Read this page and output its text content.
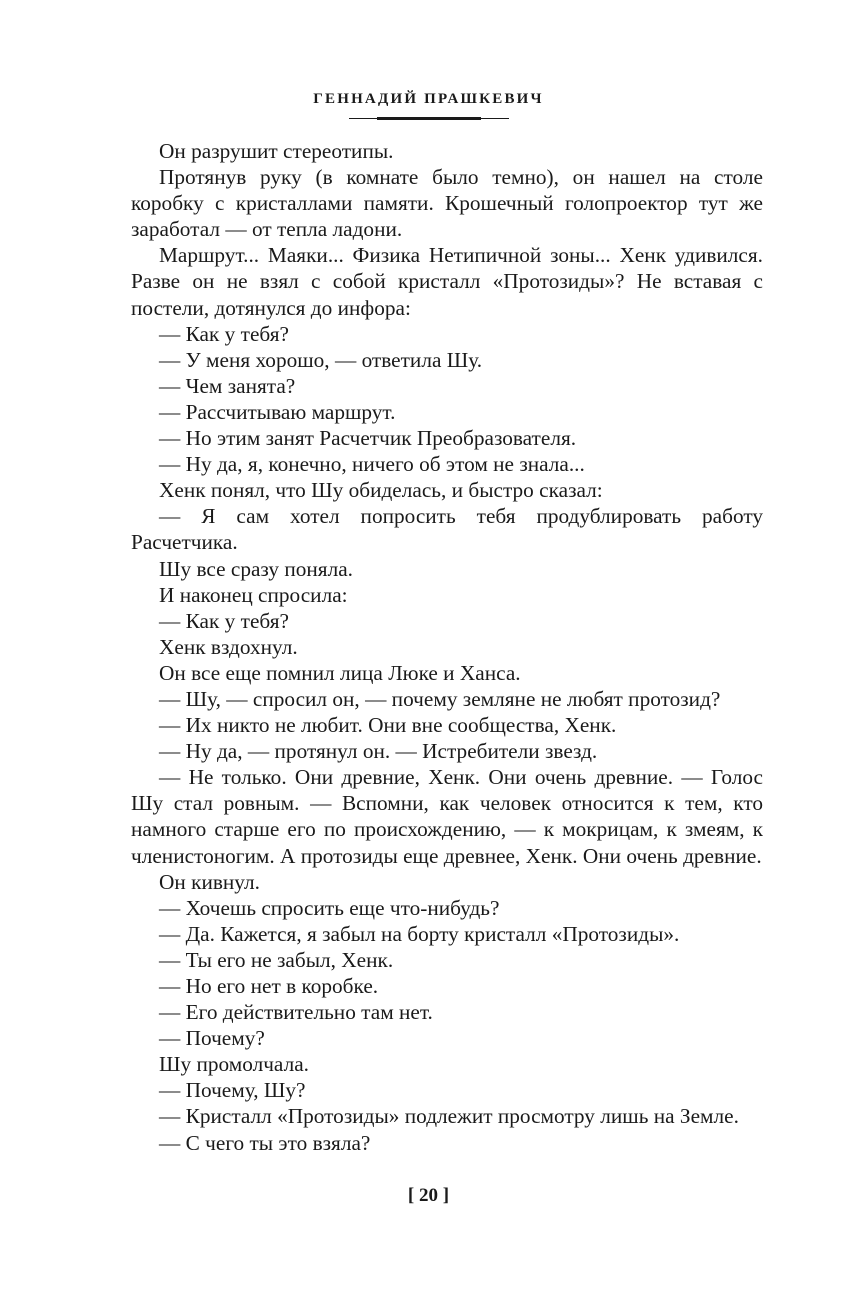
ГЕННАДИЙ ПРАШКЕВИЧ

Он разрушит стереотипы.

Протянув руку (в комнате было темно), он нашел на столе коробку с кристаллами памяти. Крошечный голопроектор тут же заработал — от тепла ладони.

Маршрут... Маяки... Физика Нетипичной зоны... Хенк удивился. Разве он не взял с собой кристалл «Протозиды»? Не вставая с постели, дотянулся до инфора:

— Как у тебя?

— У меня хорошо, — ответила Шу.

— Чем занята?

— Рассчитываю маршрут.

— Но этим занят Расчетчик Преобразователя.

— Ну да, я, конечно, ничего об этом не знала...

Хенк понял, что Шу обиделась, и быстро сказал:

— Я сам хотел попросить тебя продублировать работу Расчетчика.

Шу все сразу поняла.

И наконец спросила:

— Как у тебя?

Хенк вздохнул.

Он все еще помнил лица Люке и Ханса.

— Шу, — спросил он, — почему земляне не любят протозид?

— Их никто не любит. Они вне сообщества, Хенк.

— Ну да, — протянул он. — Истребители звезд.

— Не только. Они древние, Хенк. Они очень древние. — Голос Шу стал ровным. — Вспомни, как человек относится к тем, кто намного старше его по происхождению, — к мокрицам, к змеям, к членистоногим. А протозиды еще древнее, Хенк. Они очень древние.

Он кивнул.

— Хочешь спросить еще что-нибудь?

— Да. Кажется, я забыл на борту кристалл «Протозиды».

— Ты его не забыл, Хенк.

— Но его нет в коробке.

— Его действительно там нет.

— Почему?

Шу промолчала.

— Почему, Шу?

— Кристалл «Протозиды» подлежит просмотру лишь на Земле.

— С чего ты это взяла?

[ 20 ]
